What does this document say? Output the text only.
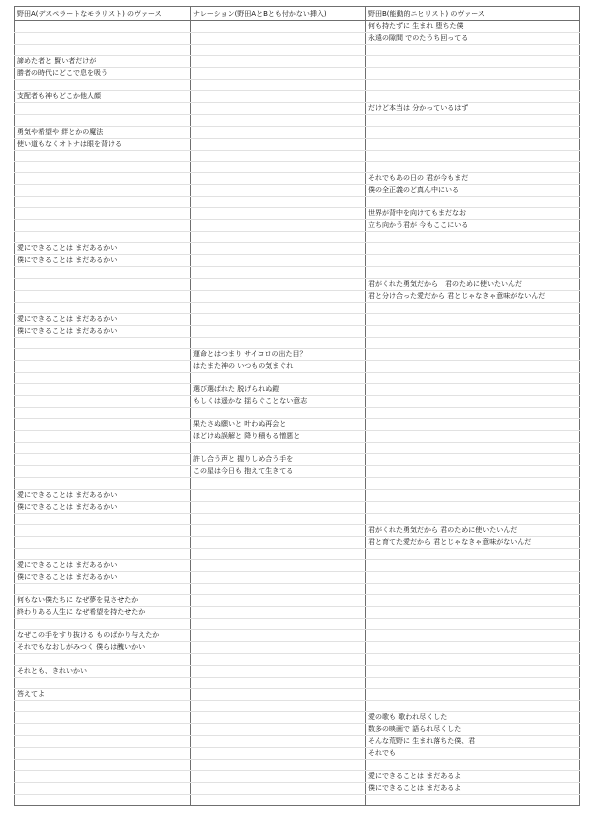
野田A(デスペラートなモラリスト) のヴァース	ナレーション(野田AとBとも付かない挿入)	野田B(能動的ニヒリスト) のヴァース
		何も持たずに 生まれ 堕ちた僕
		永遠の隙間 でのたうち回ってる

諦めた者と 賢い者だけが		
勝者の時代にどこで息を吸う		

支配者も神もどこか他人顔		
		だけど本当は 分かっているはず

勇気や希望や 絆とかの魔法		
使い道もなくオトナは眼を背ける		

		それでもあの日の 君が今もまだ
		僕の全正義のど真ん中にいる

		世界が背中を向けてもまだなお
		立ち向かう君が 今もここにいる

愛にできることは まだあるかい		
僕にできることは まだあるかい		

		君がくれた勇気だから　君のために使いたいんだ
		君と分け合った愛だから 君とじゃなきゃ意味がないんだ

愛にできることは まだあるかい		
僕にできることは まだあるかい		

	運命とはつまり サイコロの出た目？	
	はたまた神の いつもの気まぐれ	

	選び選ばれた 脱げられぬ鎧	
	もしくは遥かな 揺らぐことない意志	

	果たさぬ願いと 叶わぬ再会と	
	ほどけぬ誤解と 降り積もる憎悪と	

	許し合う声と 握りしめ合う手を	
	この星は今日も 抱えて生きてる	

愛にできることは まだあるかい		
僕にできることは まだあるかい		

		君がくれた勇気だから 君のために使いたいんだ
		君と育てた愛だから 君とじゃなきゃ意味がないんだ

愛にできることは まだあるかい		
僕にできることは まだあるかい		

何もない僕たちに なぜ夢を見させたか		
終わりある人生に なぜ希望を持たせたか		

なぜこの手をすり抜ける ものばかり与えたか		
それでもなおしがみつく 僕らは醜いかい		

それとも、きれいかい		

答えてよ		

		愛の歌も 歌われ尽くした
		数多の映画で 語られ尽くした
		そんな荒野に 生まれ落ちた僕、君
		それでも

		愛にできることは まだあるよ
		僕にできることは まだあるよ
